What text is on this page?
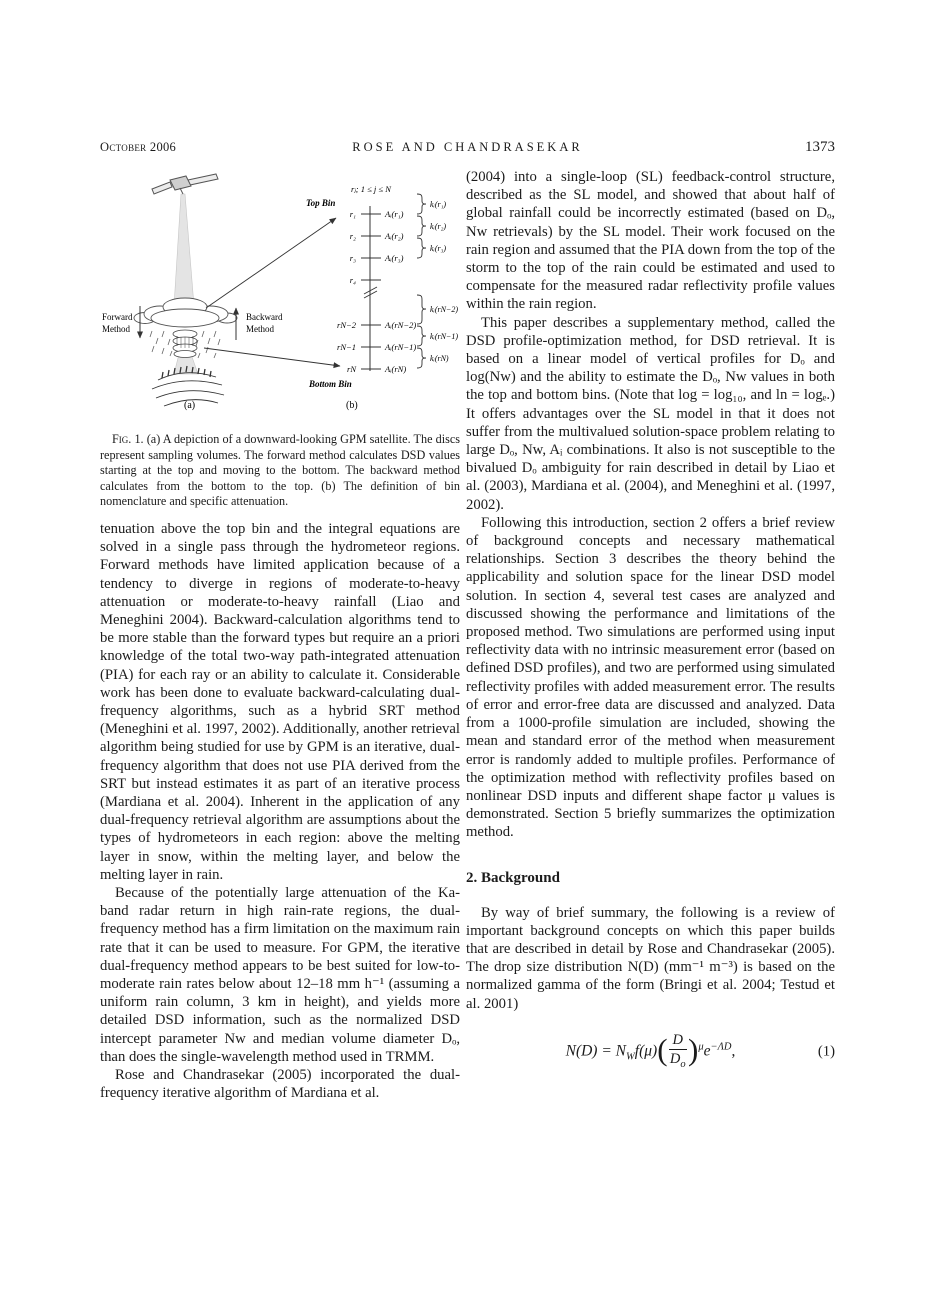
October 2006	ROSE AND CHANDRASEKAR	1373
Forward
Method
Backward
Method
rⱼ; 1 ≤ j ≤ N
Top Bin
Bottom Bin
r₁
r₂
r₃
r₄
rN−2
rN−1
rN
Aᵢ(r₁)
Aᵢ(r₂)
Aᵢ(r₃)
Aᵢ(rN−2)
Aᵢ(rN−1)
Aᵢ(rN)
kᵢ(r₁)
kᵢ(r₂)
kᵢ(r₃)
kᵢ(rN−2)
kᵢ(rN−1)
kᵢ(rN)
(a)	(b)

Fig. 1. (a) A depiction of a downward-looking GPM satellite. The discs represent sampling volumes. The forward method calculates DSD values starting at the top and moving to the bottom. The backward method calculates from the bottom to the top. (b) The definition of bin nomenclature and specific attenuation.

tenuation above the top bin and the integral equations are solved in a single pass through the hydrometeor regions. Forward methods have limited application because of a tendency to diverge in regions of moderate-to-heavy attenuation or moderate-to-heavy rainfall (Liao and Meneghini 2004). Backward-calculation algorithms tend to be more stable than the forward types but require an a priori knowledge of the total two-way path-integrated attenuation (PIA) for each ray or an ability to calculate it. Considerable work has been done to evaluate backward-calculating dual-frequency algorithms, such as a hybrid SRT method (Meneghini et al. 1997, 2002). Additionally, another retrieval algorithm being studied for use by GPM is an iterative, dual-frequency algorithm that does not use PIA derived from the SRT but instead estimates it as part of an iterative process (Mardiana et al. 2004). Inherent in the application of any dual-frequency retrieval algorithm are assumptions about the types of hydrometeors in each region: above the melting layer in snow, within the melting layer, and below the melting layer in rain.

Because of the potentially large attenuation of the Ka-band radar return in high rain-rate regions, the dual-frequency method has a firm limitation on the maximum rain rate that it can be used to measure. For GPM, the iterative dual-frequency method appears to be best suited for low-to-moderate rain rates below about 12–18 mm h⁻¹ (assuming a uniform rain column, 3 km in height), and yields more detailed DSD information, such as the normalized DSD intercept parameter Nw and median volume diameter Dₒ, than does the single-wavelength method used in TRMM.

Rose and Chandrasekar (2005) incorporated the dual-frequency iterative algorithm of Mardiana et al.

(2004) into a single-loop (SL) feedback-control structure, described as the SL model, and showed that about half of global rainfall could be incorrectly estimated (based on Dₒ, Nw retrievals) by the SL model. Their work focused on the rain region and assumed that the PIA down from the top of the storm to the top of the rain could be estimated and used to compensate for the measured radar reflectivity profile values within the rain region.

This paper describes a supplementary method, called the DSD profile-optimization method, for DSD retrieval. It is based on a linear model of vertical profiles for Dₒ and log(Nw) and the ability to estimate the Dₒ, Nw values in both the top and bottom bins. (Note that log = log₁₀, and ln = logₑ.) It offers advantages over the SL model in that it does not suffer from the multivalued solution-space problem relating to large Dₒ, Nw, Aᵢ combinations. It also is not susceptible to the bivalued Dₒ ambiguity for rain described in detail by Liao et al. (2003), Mardiana et al. (2004), and Meneghini et al. (1997, 2002).

Following this introduction, section 2 offers a brief review of background concepts and necessary mathematical relationships. Section 3 describes the theory behind the applicability and solution space for the linear DSD model solution. In section 4, several test cases are analyzed and discussed showing the performance and limitations of the proposed method. Two simulations are performed using input reflectivity data with no intrinsic measurement error (based on defined DSD profiles), and two are performed using simulated reflectivity profiles with added measurement error. The results of error and error-free data are discussed and analyzed. Data from a 1000-profile simulation are included, showing the mean and standard error of the method when measurement error is randomly added to multiple profiles. Performance of the optimization method with reflectivity profiles based on nonlinear DSD inputs and different shape factor μ values is demonstrated. Section 5 briefly summarizes the optimization method.

2. Background

By way of brief summary, the following is a review of important background concepts on which this paper builds that are described in detail by Rose and Chandrasekar (2005). The drop size distribution N(D) (mm⁻¹ m⁻³) is based on the normalized gamma of the form (Bringi et al. 2004; Testud et al. 2001)

$N(D) = N_Wf(\mu)( \frac{D}{D_o} )^\mu e^{-\Lambda D}$,	(1)
